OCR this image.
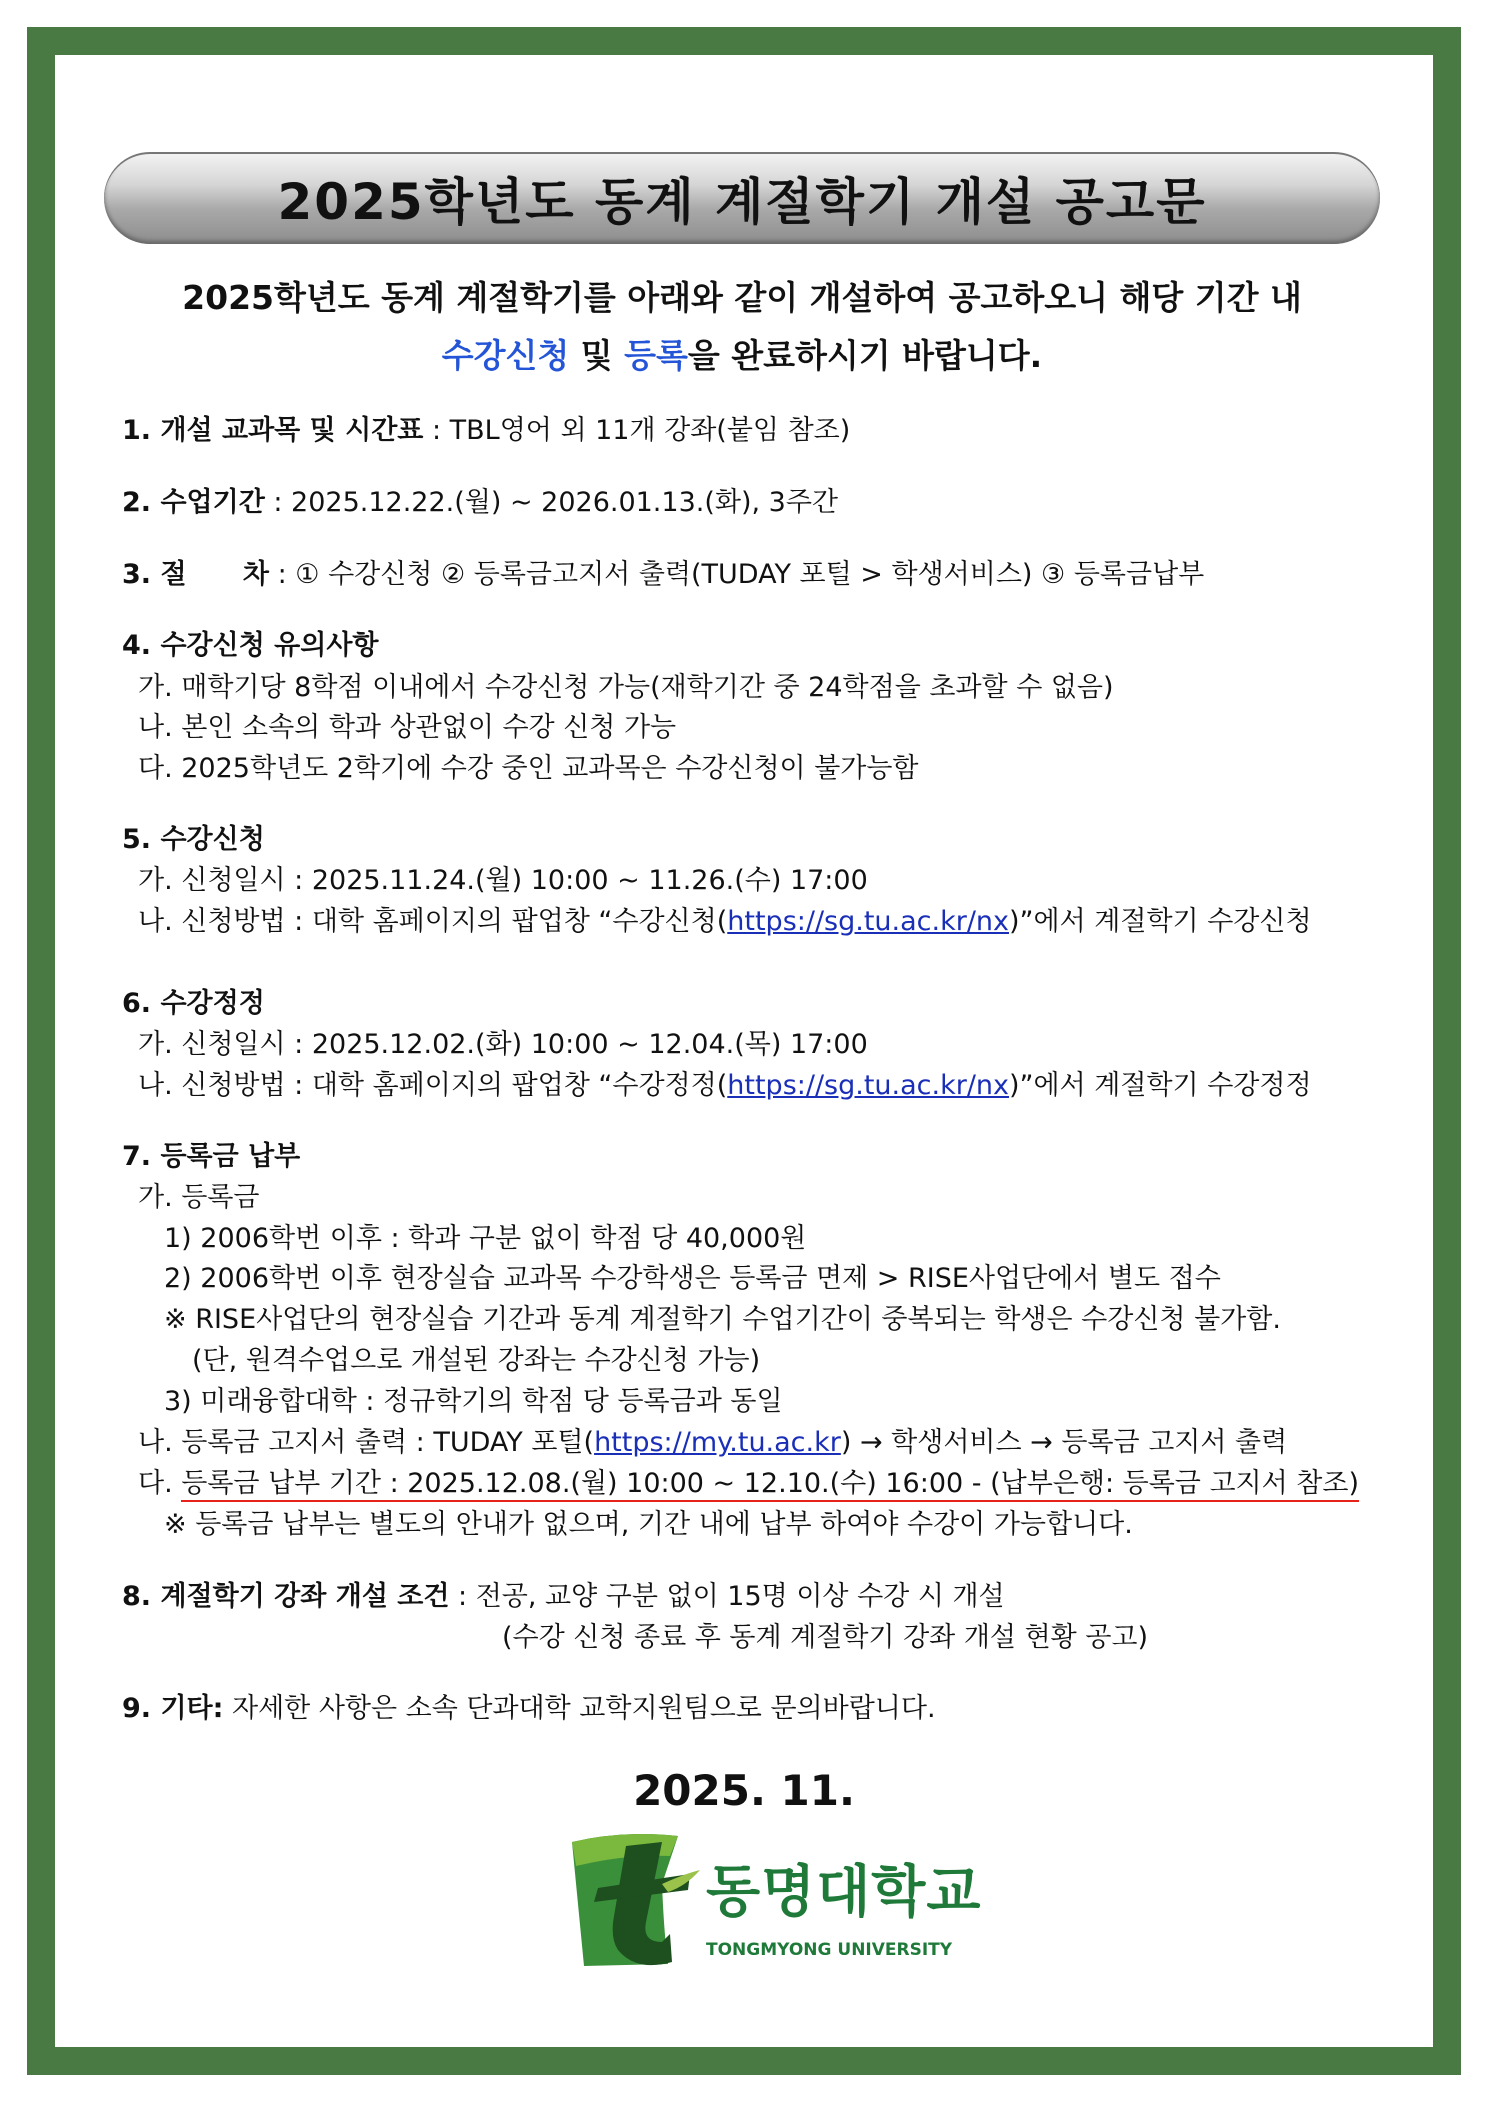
2025학년도 동계 계절학기 개설 공고문
2025학년도 동계 계절학기를 아래와 같이 개설하여 공고하오니 해당 기간 내
수강신청 및 등록을 완료하시기 바랍니다.
1. 개설 교과목 및 시간표 : TBL영어 외 11개 강좌(붙임 참조)
2. 수업기간 : 2025.12.22.(월) ~ 2026.01.13.(화), 3주간
3. 절      차 : ① 수강신청 ② 등록금고지서 출력(TUDAY 포털 > 학생서비스) ③ 등록금납부
4. 수강신청 유의사항
가. 매학기당 8학점 이내에서 수강신청 가능(재학기간 중 24학점을 초과할 수 없음)
나. 본인 소속의 학과 상관없이 수강 신청 가능
다. 2025학년도 2학기에 수강 중인 교과목은 수강신청이 불가능함
5. 수강신청
가. 신청일시 : 2025.11.24.(월) 10:00 ~ 11.26.(수) 17:00
나. 신청방법 : 대학 홈페이지의 팝업창 “수강신청(https://sg.tu.ac.kr/nx)”에서 계절학기 수강신청
6. 수강정정
가. 신청일시 : 2025.12.02.(화) 10:00 ~ 12.04.(목) 17:00
나. 신청방법 : 대학 홈페이지의 팝업창 “수강정정(https://sg.tu.ac.kr/nx)”에서 계절학기 수강정정
7. 등록금 납부
가. 등록금
1) 2006학번 이후 : 학과 구분 없이 학점 당 40,000원
2) 2006학번 이후 현장실습 교과목 수강학생은 등록금 면제 > RISE사업단에서 별도 접수
※ RISE사업단의 현장실습 기간과 동계 계절학기 수업기간이 중복되는 학생은 수강신청 불가함.
(단, 원격수업으로 개설된 강좌는 수강신청 가능)
3) 미래융합대학 : 정규학기의 학점 당 등록금과 동일
나. 등록금 고지서 출력 : TUDAY 포털(https://my.tu.ac.kr) → 학생서비스 → 등록금 고지서 출력
다. 등록금 납부 기간 : 2025.12.08.(월) 10:00 ~ 12.10.(수) 16:00 - (납부은행: 등록금 고지서 참조)
※ 등록금 납부는 별도의 안내가 없으며, 기간 내에 납부 하여야 수강이 가능합니다.
8. 계절학기 강좌 개설 조건 : 전공, 교양 구분 없이 15명 이상 수강 시 개설
(수강 신청 종료 후 동계 계절학기 강좌 개설 현황 공고)
9. 기타: 자세한 사항은 소속 단과대학 교학지원팀으로 문의바랍니다.
2025. 11.
t
동명대학교
TONGMYONG UNIVERSITY
